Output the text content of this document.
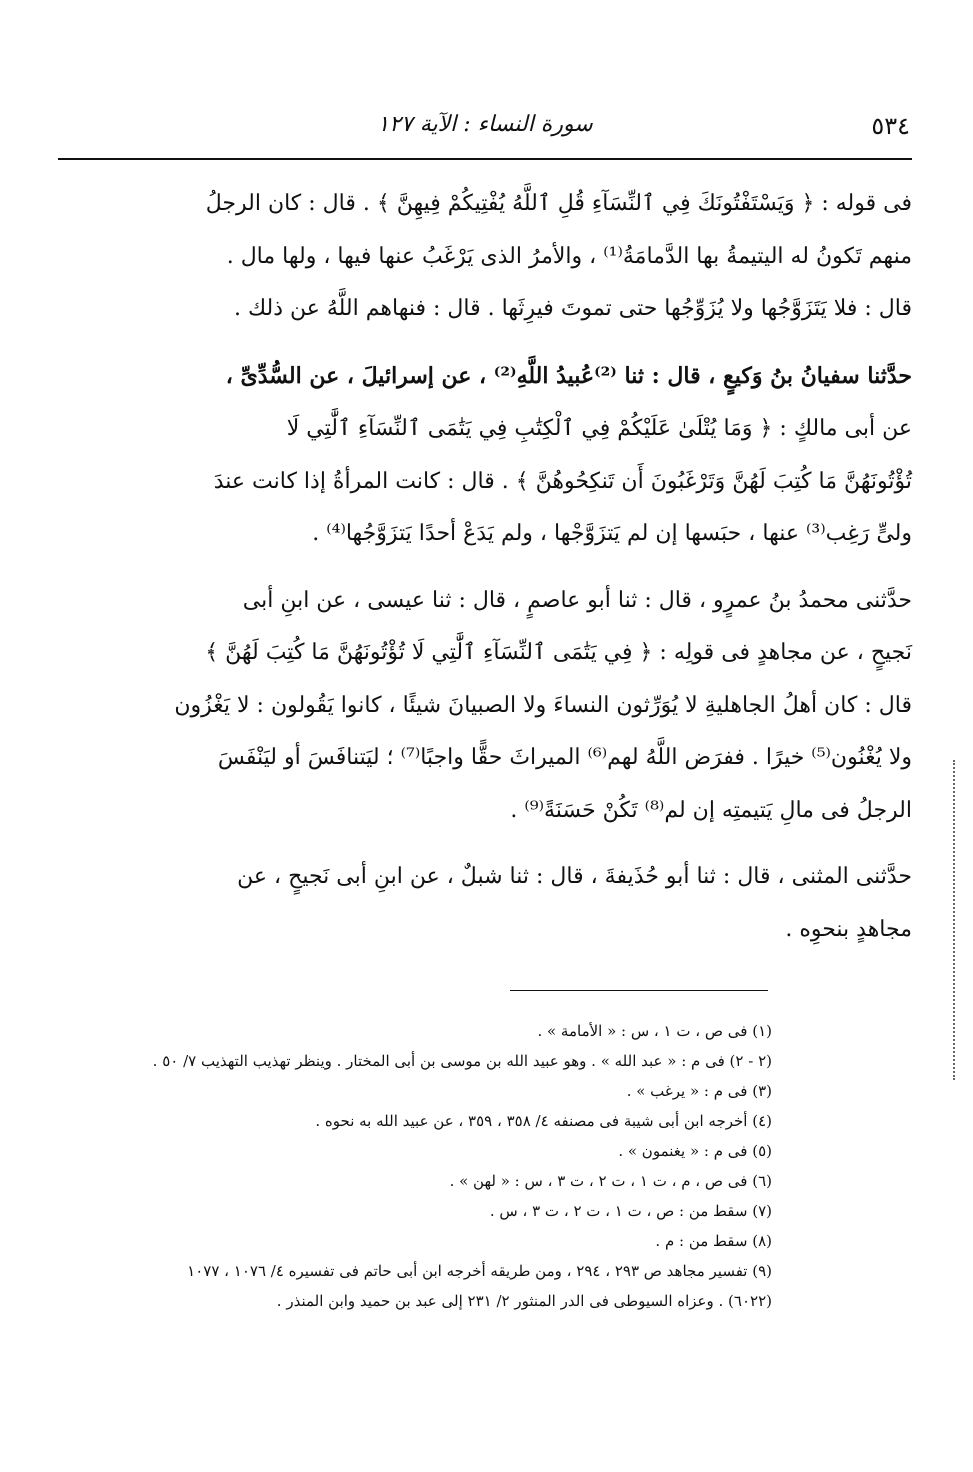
٥٣٤
سورة النساء : الآية ١٢٧

فى قوله : ﴿ وَيَسْتَفْتُونَكَ فِي ٱلنِّسَآءِ قُلِ ٱللَّهُ يُفْتِيكُمْ فِيهِنَّ ﴾ . قال : كان الرجلُ
منهم تَكونُ له اليتيمةُ بها الدَّمامَةُ⁽¹⁾ ، والأمرُ الذى يَرْغَبُ عنها فيها ، ولها مال .
قال : فلا يَتَزَوَّجُها ولا يُزَوِّجُها حتى تموتَ فيرِثَها . قال : فنهاهم اللَّهُ عن ذلك .

حدَّثنا سفيانُ بنُ وَكيعٍ ، قال : ثنا ⁽²⁾عُبيدُ اللَّهِ⁽²⁾ ، عن إسرائيلَ ، عن السُّدِّىِّ ،
عن أبى مالكٍ : ﴿ وَمَا يُتْلَىٰ عَلَيْكُمْ فِي ٱلْكِتَٰبِ فِي يَتَٰمَى ٱلنِّسَآءِ ٱلَّٰتِي لَا
تُؤْتُونَهُنَّ مَا كُتِبَ لَهُنَّ وَتَرْغَبُونَ أَن تَنكِحُوهُنَّ ﴾ . قال : كانت المرأةُ إذا كانت عندَ
ولىٍّ رَغِب⁽³⁾ عنها ، حبَسها إن لم يَتزَوَّجْها ، ولم يَدَعْ أحدًا يَتزَوَّجُها⁽⁴⁾ .

حدَّثنى محمدُ بنُ عمرٍو ، قال : ثنا أبو عاصمٍ ، قال : ثنا عيسى ، عن ابنِ أبى
نَجيحٍ ، عن مجاهدٍ فى قولِه : ﴿ فِي يَتَٰمَى ٱلنِّسَآءِ ٱلَّٰتِي لَا تُؤْتُونَهُنَّ مَا كُتِبَ لَهُنَّ ﴾
قال : كان أهلُ الجاهليةِ لا يُوَرِّثون النساءَ ولا الصبيانَ شيئًا ، كانوا يَقُولون : لا يَغْزُون
ولا يُغْنُون⁽⁵⁾ خيرًا . ففرَض اللَّهُ لهم⁽⁶⁾ الميراثَ حقًّا واجبًا⁽⁷⁾ ؛ ليَتنافَسَ أو ليَنْفَسَ
الرجلُ فى مالِ يَتيمتِه إن لم⁽⁸⁾ تَكُنْ حَسَنَةً⁽⁹⁾ .

حدَّثنى المثنى ، قال : ثنا أبو حُذَيفةَ ، قال : ثنا شبلٌ ، عن ابنِ أبى نَجيحٍ ، عن
مجاهدٍ بنحوِه .

(١) فى ص ، ت ١ ، س : « الأمامة » .

(٢ - ٢) فى م : « عبد الله » . وهو عبيد الله بن موسى بن أبى المختار . وينظر تهذيب التهذيب ٧/ ٥٠ .

(٣) فى م : « يرغب » .

(٤) أخرجه ابن أبى شيبة فى مصنفه ٤/ ٣٥٨ ، ٣٥٩ ، عن عبيد الله به نحوه .

(٥) فى م : « يغنمون » .

(٦) فى ص ، م ، ت ١ ، ت ٢ ، ت ٣ ، س : « لهن » .

(٧) سقط من : ص ، ت ١ ، ت ٢ ، ت ٣ ، س .

(٨) سقط من : م .

(٩) تفسير مجاهد ص ٢٩٣ ، ٢٩٤ ، ومن طريقه أخرجه ابن أبى حاتم فى تفسيره ٤/ ١٠٧٦ ، ١٠٧٧

(٦٠٢٢) . وعزاه السيوطى فى الدر المنثور ٢/ ٢٣١ إلى عبد بن حميد وابن المنذر .
